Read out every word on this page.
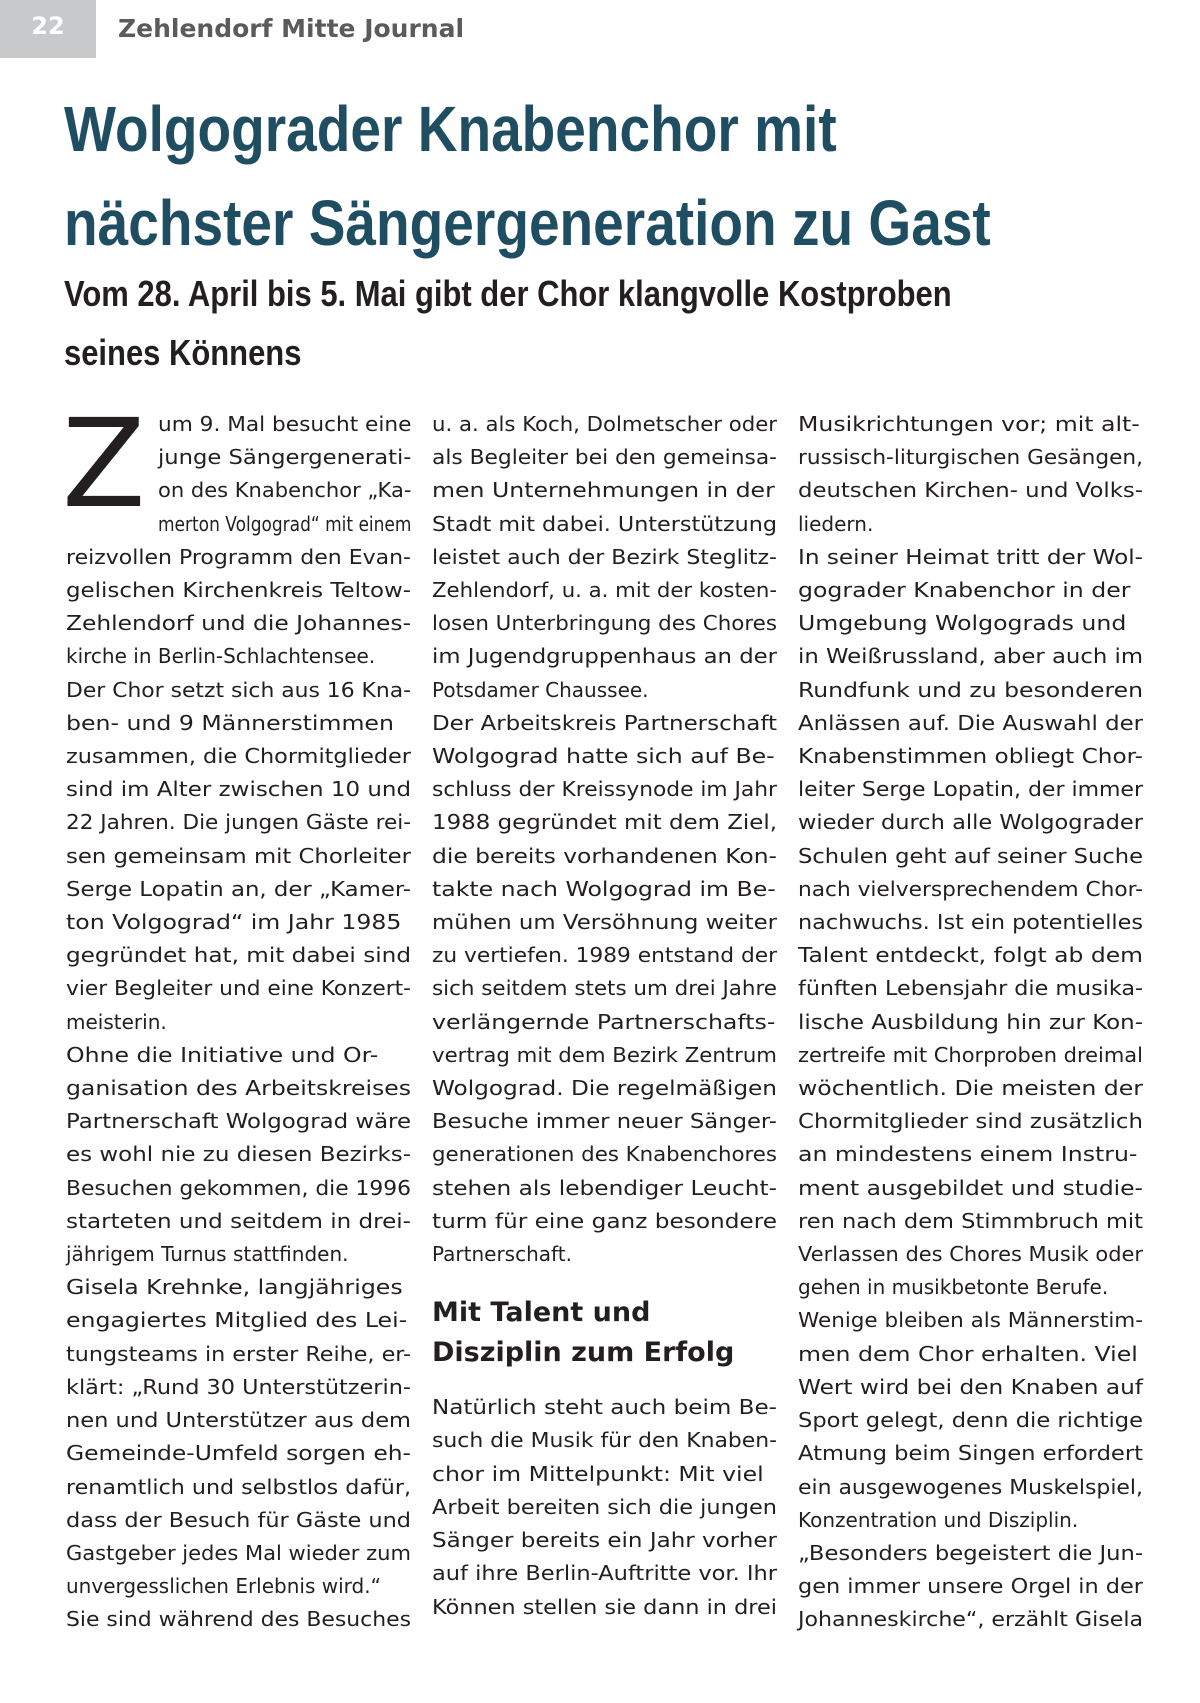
22	Zehlendorf Mitte Journal
Wolgograder Knabenchor mit
nächster Sängergeneration zu Gast
Vom 28. April bis 5. Mai gibt der Chor klangvolle Kostproben
seines Könnens
Z um 9. Mal besucht eine

junge Sängergenerati-

on des Knabenchor „Ka-

merton Volgograd“ mit einem

reizvollen Programm den Evan-

gelischen Kirchenkreis Teltow-

Zehlendorf und die Johannes-

kirche in Berlin-Schlachtensee.

Der Chor setzt sich aus 16 Kna-

ben- und 9 Männerstimmen

zusammen, die Chormitglieder

sind im Alter zwischen 10 und

22 Jahren. Die jungen Gäste rei-

sen gemeinsam mit Chorleiter

Serge Lopatin an, der „Kamer-

ton Volgograd“ im Jahr 1985

gegründet hat, mit dabei sind

vier Begleiter und eine Konzert-

meisterin.

Ohne die Initiative und Or-

ganisation des Arbeitskreises

Partnerschaft Wolgograd wäre

es wohl nie zu diesen Bezirks-

Besuchen gekommen, die 1996

starteten und seitdem in drei-

jährigem Turnus stattfinden.

Gisela Krehnke, langjähriges

engagiertes Mitglied des Lei-

tungsteams in erster Reihe, er-

klärt: „Rund 30 Unterstützerin-

nen und Unterstützer aus dem

Gemeinde-Umfeld sorgen eh-

renamtlich und selbstlos dafür,

dass der Besuch für Gäste und

Gastgeber jedes Mal wieder zum

unvergesslichen Erlebnis wird.“

Sie sind während des Besuches

u. a. als Koch, Dolmetscher oder

als Begleiter bei den gemeinsa-

men Unternehmungen in der

Stadt mit dabei. Unterstützung

leistet auch der Bezirk Steglitz-

Zehlendorf, u. a. mit der kosten-

losen Unterbringung des Chores

im Jugendgruppenhaus an der

Potsdamer Chaussee.

Der Arbeitskreis Partnerschaft

Wolgograd hatte sich auf Be-

schluss der Kreissynode im Jahr

1988 gegründet mit dem Ziel,

die bereits vorhandenen Kon-

takte nach Wolgograd im Be-

mühen um Versöhnung weiter

zu vertiefen. 1989 entstand der

sich seitdem stets um drei Jahre

verlängernde Partnerschafts-

vertrag mit dem Bezirk Zentrum

Wolgograd. Die regelmäßigen

Besuche immer neuer Sänger-

generationen des Knabenchores

stehen als lebendiger Leucht-

turm für eine ganz besondere

Partnerschaft.

Mit Talent und
Disziplin zum Erfolg

Natürlich steht auch beim Be-

such die Musik für den Knaben-

chor im Mittelpunkt: Mit viel

Arbeit bereiten sich die jungen

Sänger bereits ein Jahr vorher

auf ihre Berlin-Auftritte vor. Ihr

Können stellen sie dann in drei

Musikrichtungen vor; mit alt-

russisch-liturgischen Gesängen,

deutschen Kirchen- und Volks-

liedern.

In seiner Heimat tritt der Wol-

gograder Knabenchor in der

Umgebung Wolgograds und

in Weißrussland, aber auch im

Rundfunk und zu besonderen

Anlässen auf. Die Auswahl der

Knabenstimmen obliegt Chor-

leiter Serge Lopatin, der immer

wieder durch alle Wolgograder

Schulen geht auf seiner Suche

nach vielversprechendem Chor-

nachwuchs. Ist ein potentielles

Talent entdeckt, folgt ab dem

fünften Lebensjahr die musika-

lische Ausbildung hin zur Kon-

zertreife mit Chorproben dreimal

wöchentlich. Die meisten der

Chormitglieder sind zusätzlich

an mindestens einem Instru-

ment ausgebildet und studie-

ren nach dem Stimmbruch mit

Verlassen des Chores Musik oder

gehen in musikbetonte Berufe.

Wenige bleiben als Männerstim-

men dem Chor erhalten. Viel

Wert wird bei den Knaben auf

Sport gelegt, denn die richtige

Atmung beim Singen erfordert

ein ausgewogenes Muskelspiel,

Konzentration und Disziplin.

„Besonders begeistert die Jun-

gen immer unsere Orgel in der

Johanneskirche“, erzählt Gisela
